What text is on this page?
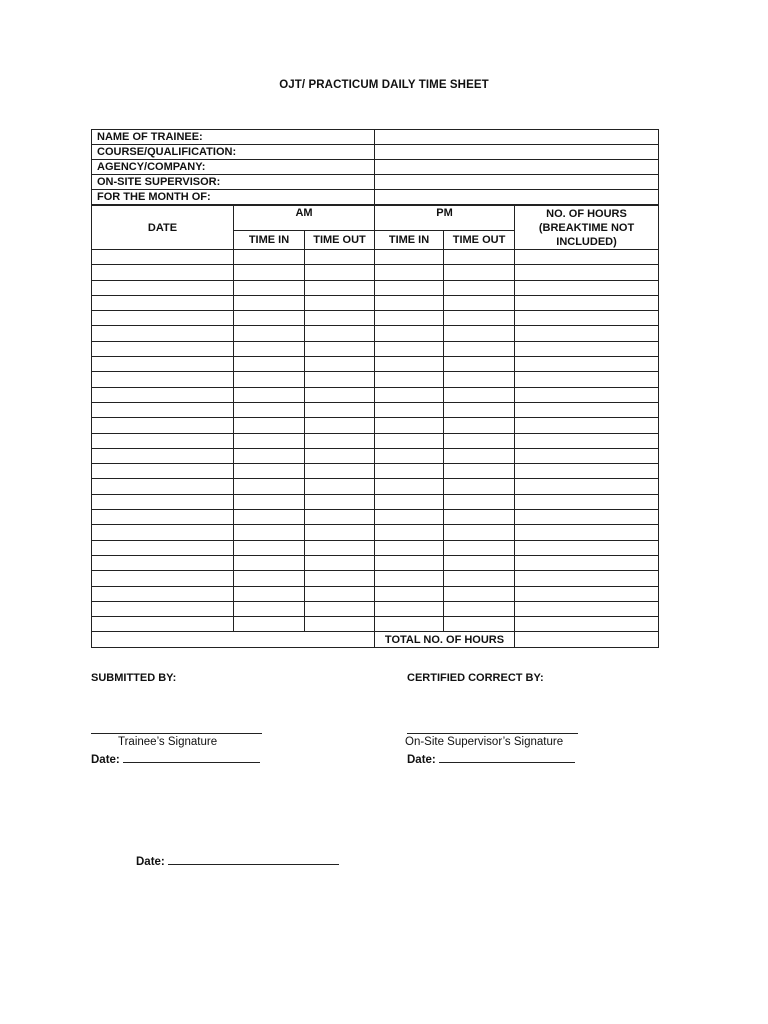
OJT/ PRACTICUM DAILY TIME SHEET
NAME OF TRAINEE:	
COURSE/QUALIFICATION:	
AGENCY/COMPANY:	
ON-SITE SUPERVISOR:	
FOR THE MONTH OF:	
DATE	AM		PM		NO. OF HOURS (BREAKTIME NOT INCLUDED)
	TIME IN	TIME OUT	TIME IN	TIME OUT	

			TOTAL NO. OF HOURS		
SUBMITTED BY:	CERTIFIED CORRECT BY:
Trainee’s Signature	On-Site Supervisor’s Signature
Date:	Date:
Date:
